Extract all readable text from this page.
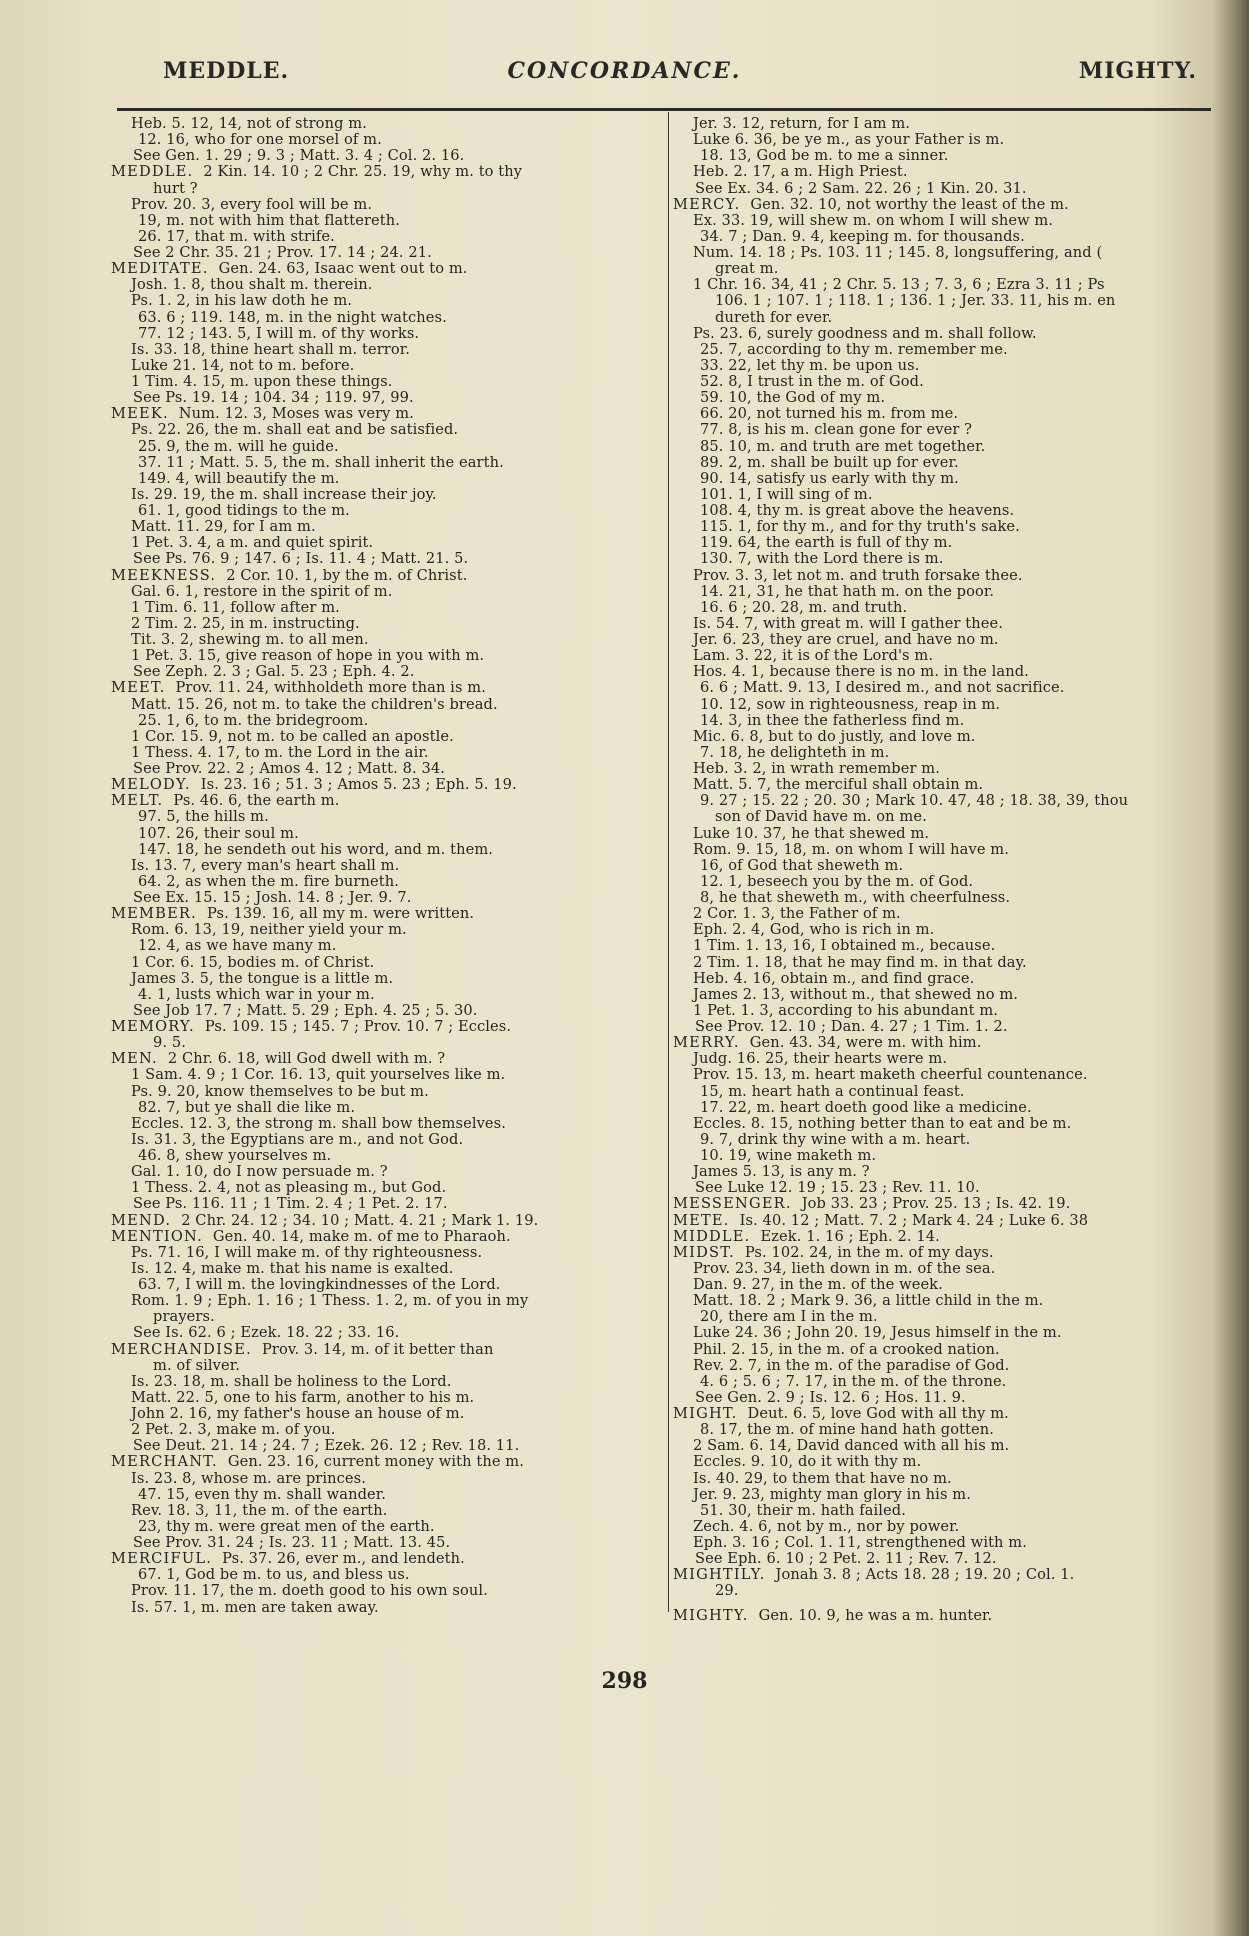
MEDDLE.	CONCORDANCE.	MIGHTY.
Heb. 5. 12, 14, not of strong m.
12. 16, who for one morsel of m.
See Gen. 1. 29 ; 9. 3 ; Matt. 3. 4 ; Col. 2. 16.
MEDDLE. 2 Kin. 14. 10 ; 2 Chr. 25. 19, why m. to thy
hurt ?
Prov. 20. 3, every fool will be m.
19, m. not with him that flattereth.
26. 17, that m. with strife.
See 2 Chr. 35. 21 ; Prov. 17. 14 ; 24. 21.
MEDITATE. Gen. 24. 63, Isaac went out to m.
Josh. 1. 8, thou shalt m. therein.
Ps. 1. 2, in his law doth he m.
63. 6 ; 119. 148, m. in the night watches.
77. 12 ; 143. 5, I will m. of thy works.
Is. 33. 18, thine heart shall m. terror.
Luke 21. 14, not to m. before.
1 Tim. 4. 15, m. upon these things.
See Ps. 19. 14 ; 104. 34 ; 119. 97, 99.
MEEK. Num. 12. 3, Moses was very m.
Ps. 22. 26, the m. shall eat and be satisfied.
25. 9, the m. will he guide.
37. 11 ; Matt. 5. 5, the m. shall inherit the earth.
149. 4, will beautify the m.
Is. 29. 19, the m. shall increase their joy.
61. 1, good tidings to the m.
Matt. 11. 29, for I am m.
1 Pet. 3. 4, a m. and quiet spirit.
See Ps. 76. 9 ; 147. 6 ; Is. 11. 4 ; Matt. 21. 5.
MEEKNESS. 2 Cor. 10. 1, by the m. of Christ.
Gal. 6. 1, restore in the spirit of m.
1 Tim. 6. 11, follow after m.
2 Tim. 2. 25, in m. instructing.
Tit. 3. 2, shewing m. to all men.
1 Pet. 3. 15, give reason of hope in you with m.
See Zeph. 2. 3 ; Gal. 5. 23 ; Eph. 4. 2.
MEET. Prov. 11. 24, withholdeth more than is m.
Matt. 15. 26, not m. to take the children's bread.
25. 1, 6, to m. the bridegroom.
1 Cor. 15. 9, not m. to be called an apostle.
1 Thess. 4. 17, to m. the Lord in the air.
See Prov. 22. 2 ; Amos 4. 12 ; Matt. 8. 34.
MELODY. Is. 23. 16 ; 51. 3 ; Amos 5. 23 ; Eph. 5. 19.
MELT. Ps. 46. 6, the earth m.
97. 5, the hills m.
107. 26, their soul m.
147. 18, he sendeth out his word, and m. them.
Is. 13. 7, every man's heart shall m.
64. 2, as when the m. fire burneth.
See Ex. 15. 15 ; Josh. 14. 8 ; Jer. 9. 7.
MEMBER. Ps. 139. 16, all my m. were written.
Rom. 6. 13, 19, neither yield your m.
12. 4, as we have many m.
1 Cor. 6. 15, bodies m. of Christ.
James 3. 5, the tongue is a little m.
4. 1, lusts which war in your m.
See Job 17. 7 ; Matt. 5. 29 ; Eph. 4. 25 ; 5. 30.
MEMORY. Ps. 109. 15 ; 145. 7 ; Prov. 10. 7 ; Eccles.
9. 5.
MEN. 2 Chr. 6. 18, will God dwell with m. ?
1 Sam. 4. 9 ; 1 Cor. 16. 13, quit yourselves like m.
Ps. 9. 20, know themselves to be but m.
82. 7, but ye shall die like m.
Eccles. 12. 3, the strong m. shall bow themselves.
Is. 31. 3, the Egyptians are m., and not God.
46. 8, shew yourselves m.
Gal. 1. 10, do I now persuade m. ?
1 Thess. 2. 4, not as pleasing m., but God.
See Ps. 116. 11 ; 1 Tim. 2. 4 ; 1 Pet. 2. 17.
MEND. 2 Chr. 24. 12 ; 34. 10 ; Matt. 4. 21 ; Mark 1. 19.
MENTION. Gen. 40. 14, make m. of me to Pharaoh.
Ps. 71. 16, I will make m. of thy righteousness.
Is. 12. 4, make m. that his name is exalted.
63. 7, I will m. the lovingkindnesses of the Lord.
Rom. 1. 9 ; Eph. 1. 16 ; 1 Thess. 1. 2, m. of you in my
prayers.
See Is. 62. 6 ; Ezek. 18. 22 ; 33. 16.
MERCHANDISE. Prov. 3. 14, m. of it better than
m. of silver.
Is. 23. 18, m. shall be holiness to the Lord.
Matt. 22. 5, one to his farm, another to his m.
John 2. 16, my father's house an house of m.
2 Pet. 2. 3, make m. of you.
See Deut. 21. 14 ; 24. 7 ; Ezek. 26. 12 ; Rev. 18. 11.
MERCHANT. Gen. 23. 16, current money with the m.
Is. 23. 8, whose m. are princes.
47. 15, even thy m. shall wander.
Rev. 18. 3, 11, the m. of the earth.
23, thy m. were great men of the earth.
See Prov. 31. 24 ; Is. 23. 11 ; Matt. 13. 45.
MERCIFUL. Ps. 37. 26, ever m., and lendeth.
67. 1, God be m. to us, and bless us.
Prov. 11. 17, the m. doeth good to his own soul.
Is. 57. 1, m. men are taken away.
Jer. 3. 12, return, for I am m.
Luke 6. 36, be ye m., as your Father is m.
18. 13, God be m. to me a sinner.
Heb. 2. 17, a m. High Priest.
See Ex. 34. 6 ; 2 Sam. 22. 26 ; 1 Kin. 20. 31.
MERCY. Gen. 32. 10, not worthy the least of the m.
Ex. 33. 19, will shew m. on whom I will shew m.
34. 7 ; Dan. 9. 4, keeping m. for thousands.
Num. 14. 18 ; Ps. 103. 11 ; 145. 8, longsuffering, and (
great m.
1 Chr. 16. 34, 41 ; 2 Chr. 5. 13 ; 7. 3, 6 ; Ezra 3. 11 ; Ps
106. 1 ; 107. 1 ; 118. 1 ; 136. 1 ; Jer. 33. 11, his m. en
dureth for ever.
Ps. 23. 6, surely goodness and m. shall follow.
25. 7, according to thy m. remember me.
33. 22, let thy m. be upon us.
52. 8, I trust in the m. of God.
59. 10, the God of my m.
66. 20, not turned his m. from me.
77. 8, is his m. clean gone for ever ?
85. 10, m. and truth are met together.
89. 2, m. shall be built up for ever.
90. 14, satisfy us early with thy m.
101. 1, I will sing of m.
108. 4, thy m. is great above the heavens.
115. 1, for thy m., and for thy truth's sake.
119. 64, the earth is full of thy m.
130. 7, with the Lord there is m.
Prov. 3. 3, let not m. and truth forsake thee.
14. 21, 31, he that hath m. on the poor.
16. 6 ; 20. 28, m. and truth.
Is. 54. 7, with great m. will I gather thee.
Jer. 6. 23, they are cruel, and have no m.
Lam. 3. 22, it is of the Lord's m.
Hos. 4. 1, because there is no m. in the land.
6. 6 ; Matt. 9. 13, I desired m., and not sacrifice.
10. 12, sow in righteousness, reap in m.
14. 3, in thee the fatherless find m.
Mic. 6. 8, but to do justly, and love m.
7. 18, he delighteth in m.
Heb. 3. 2, in wrath remember m.
Matt. 5. 7, the merciful shall obtain m.
9. 27 ; 15. 22 ; 20. 30 ; Mark 10. 47, 48 ; 18. 38, 39, thou
son of David have m. on me.
Luke 10. 37, he that shewed m.
Rom. 9. 15, 18, m. on whom I will have m.
16, of God that sheweth m.
12. 1, beseech you by the m. of God.
8, he that sheweth m., with cheerfulness.
2 Cor. 1. 3, the Father of m.
Eph. 2. 4, God, who is rich in m.
1 Tim. 1. 13, 16, I obtained m., because.
2 Tim. 1. 18, that he may find m. in that day.
Heb. 4. 16, obtain m., and find grace.
James 2. 13, without m., that shewed no m.
1 Pet. 1. 3, according to his abundant m.
See Prov. 12. 10 ; Dan. 4. 27 ; 1 Tim. 1. 2.
MERRY. Gen. 43. 34, were m. with him.
Judg. 16. 25, their hearts were m.
Prov. 15. 13, m. heart maketh cheerful countenance.
15, m. heart hath a continual feast.
17. 22, m. heart doeth good like a medicine.
Eccles. 8. 15, nothing better than to eat and be m.
9. 7, drink thy wine with a m. heart.
10. 19, wine maketh m.
James 5. 13, is any m. ?
See Luke 12. 19 ; 15. 23 ; Rev. 11. 10.
MESSENGER. Job 33. 23 ; Prov. 25. 13 ; Is. 42. 19.
METE. Is. 40. 12 ; Matt. 7. 2 ; Mark 4. 24 ; Luke 6. 38
MIDDLE. Ezek. 1. 16 ; Eph. 2. 14.
MIDST. Ps. 102. 24, in the m. of my days.
Prov. 23. 34, lieth down in m. of the sea.
Dan. 9. 27, in the m. of the week.
Matt. 18. 2 ; Mark 9. 36, a little child in the m.
20, there am I in the m.
Luke 24. 36 ; John 20. 19, Jesus himself in the m.
Phil. 2. 15, in the m. of a crooked nation.
Rev. 2. 7, in the m. of the paradise of God.
4. 6 ; 5. 6 ; 7. 17, in the m. of the throne.
See Gen. 2. 9 ; Is. 12. 6 ; Hos. 11. 9.
MIGHT. Deut. 6. 5, love God with all thy m.
8. 17, the m. of mine hand hath gotten.
2 Sam. 6. 14, David danced with all his m.
Eccles. 9. 10, do it with thy m.
Is. 40. 29, to them that have no m.
Jer. 9. 23, mighty man glory in his m.
51. 30, their m. hath failed.
Zech. 4. 6, not by m., nor by power.
Eph. 3. 16 ; Col. 1. 11, strengthened with m.
See Eph. 6. 10 ; 2 Pet. 2. 11 ; Rev. 7. 12.
MIGHTILY. Jonah 3. 8 ; Acts 18. 28 ; 19. 20 ; Col. 1.
29.
MIGHTY. Gen. 10. 9, he was a m. hunter.
298
